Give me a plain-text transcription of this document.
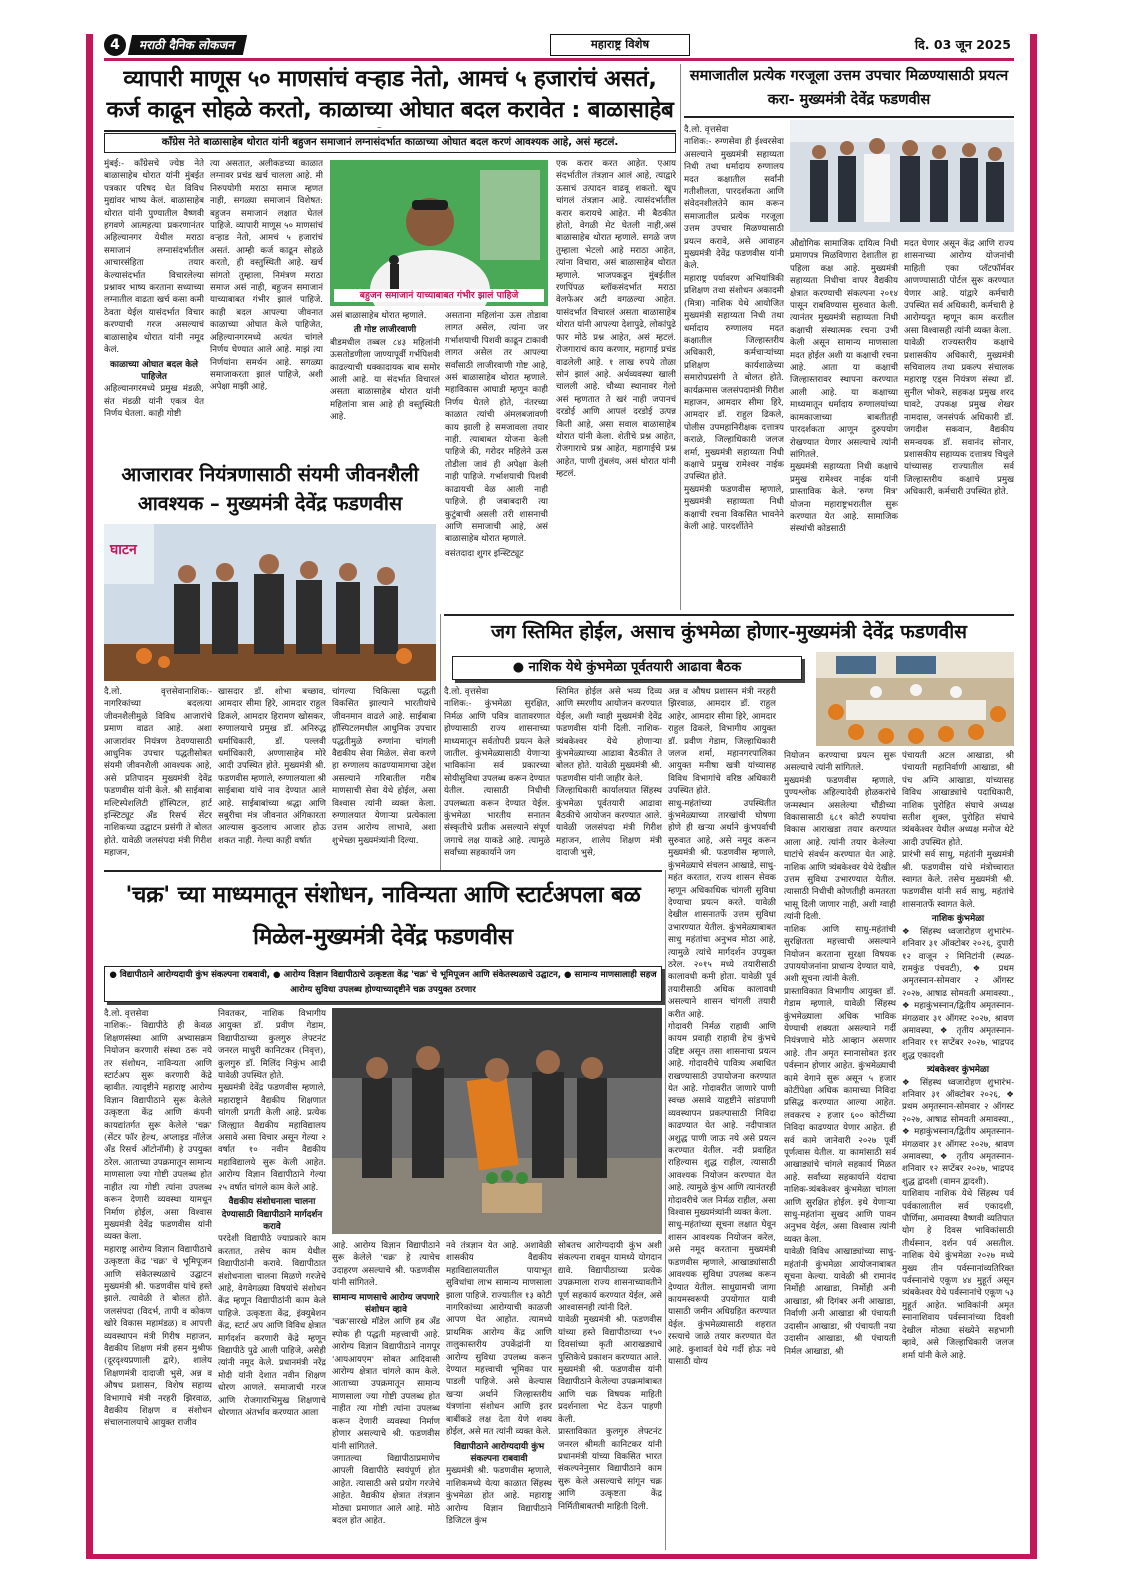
4	मराठी दैनिक लोकजन	महाराष्ट्र विशेष	दि. 03 जून 2025
व्यापारी माणूस ५० माणसांचं वऱ्हाड नेतो, आमचं ५ हजारांचं असतं, कर्ज काढून सोहळे करतो, काळाच्या ओघात बदल करावेत : बाळासाहेब
काँग्रेस नेते बाळासाहेब थोरात यांनी बहुजन समाजानं लग्नासंदर्भात काळाच्या ओघात बदल करणं आवश्यक आहे, असं म्हटलं.

मुंबई:- काँग्रेसचे ज्येष्ठ नेते बाळासाहेब थोरात यांनी मुंबईत पत्रकार परिषद घेत विविध मुद्यांवर भाष्य केलं. बाळासाहेब थोरात यांनी पुण्यातील वैष्णवी हगवणे आत्महत्या प्रकरणानंतर अहिल्यानगर येथील मराठा समाजानं लग्नासंदर्भातील आचारसंहिता तयार केल्यासंदर्भात विचारलेल्या प्रश्नावर भाष्य करताना सध्याच्या लग्नातील वाढता खर्च कसा कमी ठेवता येईल यासंदर्भात विचार करण्याची गरज असल्याचं बाळासाहेब थोरात यांनी नमूद केलं.

काळाच्या ओघात बदल केले पाहिजेत

अहिल्यानगरमध्ये प्रमुख मंडळी, संत मंडळी यांनी एकत्र येत निर्णय घेतला. काही गोष्टी

त्या असतात, अलीकडच्या काळात लग्नावर प्रचंड खर्च चालला आहे. मी निरुपयोगी मराठा समाज म्हणत नाही, सगळ्या समाजानं विशेषत: बहुजन समाजानं लक्षात घेतलं पाहिजे. व्यापारी माणूस ५० माणसांचं वऱ्हाड नेतो, आमचं ५ हजारांचं असतं. आम्ही कर्ज काढून सोहळे करतो, ही वस्तुस्थिती आहे. खर्च सांगतो तुम्हाला, निमंत्रण मराठा समाज असं नाही, बहुजन समाजानं याच्याबाबत गंभीर झालं पाहिजे. काही बदल आपल्या जीवनात काळाच्या ओघात केले पाहिजेत, अहिल्यानगरमध्ये अत्यंत चांगले निर्णय घेण्यात आले आहे. माझं त्या निर्णयांना समर्थन आहे. सगळ्या समाजाकरता झालं पाहिजे, अशी अपेक्षा माझी आहे,

बहुजन समाजानं याच्याबाबत गंभीर झालं पाहिजे

असं बाळासाहेब थोरात म्हणाले.

ती गोष्ट लाजीरवाणी

बीडमधील तब्बल ८४३ महिलांनी ऊसतोडणीला जाण्यापूर्वी गर्भपिशवी काढल्याची धक्कादायक बाब समोर आली आहे. या संदर्भात विचारलं असता बाळासाहेब थोरात यांनी महिलांना त्रास आहे ही वस्तुस्थिती आहे.

असताना महिलांना ऊस तोडावा लागत असेल, त्यांना जर गर्भाशयाची पिशवी काढून टाकावी लागत असेल तर आपल्या सर्वांसाठी लाजीरवाणी गोष्ट आहे, असं बाळासाहेब थोरात म्हणाले. महाविकास आघाडी म्हणून काही निर्णय घेतले होते, नंतरच्या काळात त्यांची अंमलबजावणी काय झाली हे समजावला तयार नाही. त्याबाबत योजना केली पाहिजे की, गरोदर महिलेने ऊस तोडीला जावं ही अपेक्षा केली नाही पाहिजे. गर्भाशयाची पिशवी काढायची वेळ आली नाही पाहिजे. ही जबाबदारी त्या कुटुंबाची असली तरी शासनाची आणि समाजाची आहे, असं बाळासाहेब थोरात म्हणाले.

वसंतदादा शुगर इन्स्टिट्यूट

एक करार करत आहेत. एआय संदर्भातील तंत्रज्ञान आलं आहे, त्याद्वारे ऊसाचं उत्पादन वाढवू शकतो. खूप चांगलं तंत्रज्ञान आहे. त्यासंदर्भातील करार करायचे आहेत. मी बैठकीत होतो, वेगळी मेट घेतली नाही,असं बाळासाहेब थोरात म्हणाले. सगळे जण तुम्हाला भेटलो आहे मराठा आहेत, त्यांना विचारा, असं बाळासाहेब थोरात म्हणाले. भाजपकडून मुंबईतील रणपिंपळ ब्लॉकसंदर्भात मराठा वेलफेअर अटी वगळल्या आहेत. यासंदर्भात विचारलं असता बाळासाहेब थोरात यांनी आपल्या देशापुढे, लोकांपुढे फार मोठे प्रश्न आहेत, असं म्हटलं. रोजगाराचं काय करणार, महागाई प्रचंड वाढलेली आहे. १ लाख रुपये तोळा सोनं झालं आहे. अर्थव्यवस्था खाली चालली आहे. चौथ्या स्थानावर गेलो असं म्हणतात ते खरं नाही जपानचं दरडोई आणि आपलं दरडोई उत्पन्न किती आहे, असा सवाल बाळासाहेब थोरात यांनी केला. शेतीचे प्रश्न आहेत, रोजगाराचे प्रश्न आहेत, महागाईचे प्रश्न आहेत, पाणी तुंबलंय, असं थोरात यांनी म्हटलं.

आजारावर नियंत्रणासाठी संयमी जीवनशैली आवश्यक – मुख्यमंत्री देवेंद्र फडणवीस
घाटन

दै.लो. वृत्तसेवानाशिक:- नागरिकांच्या बदलत्या जीवनशैलीमुळे विविध आजारांचे प्रमाण वाढत आहे. अशा आजारांवर नियंत्रण ठेवण्यासाठी आधुनिक उपचार पद्धतीसोबत संयमी जीवनशैली आवश्यक आहे, असे प्रतिपादन मुख्यमंत्री देवेंद्र फडणवीस यांनी केले. श्री साईबाबा मल्टिस्पेशलिटी हॉस्पिटल, हार्ट इन्स्टिट्यूट अँड रिसर्च सेंटर नाशिकच्या उद्घाटन प्रसंगी ते बोलत होते. यावेळी जलसंपदा मंत्री गिरीश महाजन,

खासदार डॉ. शोभा बच्छाव, आमदार सीमा हिरे, आमदार राहुल ढिकले, आमदार हिरामण खोसकर, रुग्णालयाचे प्रमुख डॉ. अनिरुद्ध धर्माधिकारी, डॉ. पल्लवी धर्माधिकारी, अण्णासाहेब मोरे आदी उपस्थित होते. मुख्यमंत्री श्री. फडणवीस म्हणाले, रुग्णालयाला श्री साईबाबा यांचे नाव देण्यात आले आहे. साईबाबांच्या श्रद्धा आणि सबुरीचा मंत्र जीवनात अंगिकारता आल्यास कुठलाच आजार होऊ शकत नाही. गेल्या काही वर्षात

चांगल्या चिकित्सा पद्धती विकसित झाल्याने भारतीयांचे जीवनमान वाढले आहे. साईबाबा हॉस्पिटलमधील आधुनिक उपचार पद्धतीमुळे रुग्णांना चांगली वैद्यकीय सेवा मिळेल. सेवा करणे हा रुग्णालय काढण्यामागचा उद्देश असल्याने गरिबातील गरीब माणसाची सेवा येथे होईल, असा विश्वास त्यांनी व्यक्त केला. रुग्णालयात येणाऱ्या प्रत्येकाला उत्तम आरोग्य लाभावे, अशा शुभेच्छा मुख्यमंत्र्यांनी दिल्या.

समाजातील प्रत्येक गरजूला उत्तम उपचार मिळण्यासाठी प्रयत्न करा- मुख्यमंत्री देवेंद्र फडणवीस

दै.लो. वृत्तसेवा
नाशिक:- रुग्णसेवा ही ईश्वरसेवा असल्याने मुख्यमंत्री सहाय्यता निधी तथा धर्मादाय रुग्णालय मदत कक्षातील सर्वांनी गतीशीलता, पारदर्शकता आणि संवेदनशीलतेने काम करून समाजातील प्रत्येक गरजूला उत्तम उपचार मिळण्यासाठी प्रयत्न करावे, असे आवाहन मुख्यमंत्री देवेंद्र फडणवीस यांनी केले.
महाराष्ट्र पर्यावरण अभियांत्रिकी प्रशिक्षण तथा संशोधन अकादमी (मित्रा) नाशिक येथे आयोजित मुख्यमंत्री सहाय्यता निधी तथा धर्मादाय रुग्णालय मदत कक्षातील जिल्हास्तरीय अधिकारी, कर्मचाऱ्यांच्या प्रशिक्षण कार्यशाळेच्या समारोपप्रसंगी ते बोलत होते. कार्यक्रमास जलसंपदामंत्री गिरीश महाजन, आमदार सीमा हिरे, आमदार डॉ. राहुल ढिकले, पोलीस उपमहानिरीक्षक दत्तात्रय कराळे, जिल्हाधिकारी जलज शर्मा, मुख्यमंत्री सहाय्यता निधी कक्षाचे प्रमुख रामेश्वर नाईक उपस्थित होते.
मुख्यमंत्री फडणवीस म्हणाले, मुख्यमंत्री सहाय्यता निधी कक्षाची रचना विकसित भावनेने केली आहे. पारदर्शीतेने

औद्योगिक सामाजिक दायित्व निधी प्रमाणपत्र मिळविणारा देशातील हा पहिला कक्ष आहे. मुख्यमंत्री सहाय्यता निधीचा वापर वैद्यकीय क्षेत्रात करण्याची संकल्पना २०१४ पासून राबविण्यास सुरुवात केली. त्यानंतर मुख्यमंत्री सहाय्यता निधी कक्षाची संस्थात्मक रचना उभी केली असून सामान्य माणसाला मदत होईल अशी या कक्षाची रचना आहे. आता या कक्षाची जिल्हास्तरावर स्थापना करण्यात आली आहे. या कक्षाच्या माध्यमातून धर्मादाय रुग्णालयांच्या कामकाजाच्या बाबतीतही पारदर्शकता आणून दुरुपयोग रोखण्यात येणार असल्याचे त्यांनी सांगितले.
मुख्यमंत्री सहाय्यता निधी कक्षाचे प्रमुख रामेश्वर नाईक यांनी प्रास्ताविक केले. 'रुग्ण मित्र' योजना महाराष्ट्रभरातील सुरू करण्यात येत आहे. सामाजिक संस्थांची कोडसाठी

मदत घेणार असून केंद्र आणि राज्य शासनाच्या आरोग्य योजनांची माहिती एका प्लॅटफॉर्मवर आणण्यासाठी पोर्टल सुरू करण्यात येणार आहे. यांद्वारे कर्मचारी उपस्थित सर्व अधिकारी, कर्मचारी हे आरोग्यदूत म्हणून काम करतील असा विश्वासही त्यांनी व्यक्त केला.
यावेळी राज्यस्तरीय कक्षाचे प्रशासकीय अधिकारी, मुख्यमंत्री सचिवालय तथा प्रकल्प संचालक महाराष्ट्र एड्स नियंत्रण संस्था डॉ. सुनील भोकरे, सहकक्ष प्रमुख शरद घावटे, उपकक्ष प्रमुख शेखर नामदास, जनसंपर्क अधिकारी डॉ. जगदीश सकवान, वैद्यकीय समन्वयक डॉ. सवानंद सोनार, प्रशासकीय सहाय्यक दत्तात्रय चिथुले यांच्यासह राज्यातील सर्व जिल्हास्तरीय कक्षाचे प्रमुख अधिकारी, कर्मचारी उपस्थित होते.

जग स्तिमित होईल, असाच कुंभमेळा होणार-मुख्यमंत्री देवेंद्र फडणवीस
● नाशिक येथे कुंभमेळा पूर्वतयारी आढावा बैठक

दै.लो. वृत्तसेवा
नाशिक:- कुंभमेळा सुरक्षित, निर्मळ आणि पवित्र वातावरणात होण्यासाठी राज्य शासनाच्या माध्यमातून सर्वतोपरी प्रयत्न केले जातील. कुंभमेळ्यासाठी येणाऱ्या भाविकांना सर्व प्रकारच्या सोयीसुविधा उपलब्ध करून देण्यात येतील. त्यासाठी निधीची उपलब्धता करून देण्यात येईल. कुंभमेळा भारतीय सनातन संस्कृतीचे प्रतीक असल्याने संपूर्ण जगाचे लक्ष याकडे आहे. त्यामुळे सर्वांच्या सहकार्याने जग

स्तिमित होईल असे भव्य दिव्य आणि स्मरणीय आयोजन करण्यात येईल, अशी ग्वाही मुख्यमंत्री देवेंद्र फडणवीस यांनी दिली. नाशिक-त्र्यंबकेश्वर येथे होणाऱ्या कुंभमेळ्याच्या आढावा बैठकीत ते बोलत होते. यावेळी मुख्यमंत्री श्री. फडणवीस यांनी जाहीर केले.
जिल्हाधिकारी कार्यालयात सिंहस्थ कुंभमेळा पूर्वतयारी आढावा बैठकीचे आयोजन करण्यात आले. यावेळी जलसंपदा मंत्री गिरीश महाजन, शालेय शिक्षण मंत्री दादाजी भुसे,

अन्न व औषध प्रशासन मंत्री नरहरी झिरवाळ, आमदार डॉ. राहुल आहेर, आमदार सीमा हिरे, आमदार राहुल ढिकले, विभागीय आयुक्त डॉ. प्रवीण गेडाम, जिल्हाधिकारी जलज शर्मा, महानगरपालिका आयुक्त मनीषा खत्री यांच्यासह विविध विभागांचे वरिष्ठ अधिकारी उपस्थित होते.
साधु-महंतांच्या उपस्थितीत कुंभमेळ्याच्या तारखांची घोषणा होणे ही खऱ्या अर्थाने कुंभपर्वाची सुरुवात आहे, असे नमूद करून मुख्यमंत्री श्री. फडणवीस म्हणाले, कुंभमेळ्याचे संचलन आखाडे, साधु-महंत करतात, राज्य शासन सेवक म्हणून अधिकाधिक चांगली सुविधा देण्याचा प्रयत्न करते. यावेळी देखील शासनातर्फे उत्तम सुविधा उभारण्यात येतील. कुंभमेळ्याबाबत साधु महंतांचा अनुभव मोठा आहे, त्यामुळे त्यांचे मार्गदर्शन उपयुक्त ठरेल. २०१५ मध्ये तयारीसाठी कालावधी कमी होता. यावेळी पूर्व तयारीसाठी अधिक कालावधी असल्याने शासन चांगली तयारी करीत आहे.
गोदावरी निर्मळ राहावी आणि कायम प्रवाही राहावी हेच कुंभचे उद्दिष्ट असून तसा शासनाचा प्रयत्न आहे. गोदावरीचे पावित्र्य अबाधित राखण्यासाठी उपायोजना करण्यात येत आहे. गोदावरीत जाणारे पाणी स्वच्छ असावे याहृष्टीने सांडपाणी व्यवस्थापन प्रकल्पासाठी निविदा काढण्यात येत आहे. नदीपात्रात अशुद्ध पाणी जाऊ नये असे प्रयत्न करण्यात येतील. नदी प्रवाहित राहिल्यास शुद्ध राहील, त्यासाठी आवश्यक नियोजन करण्यात येत आहे. त्यामुळे कुंभ आणि त्यानंतरही गोदावरीचे जल निर्मळ राहील, असा विश्वास मुख्यमंत्र्यांनी व्यक्त केला.
साधु-महंतांच्या सूचना लक्षात घेवून शासन आवश्यक नियोजन करेल, असे नमूद करताना मुख्यमंत्री फडणवीस म्हणाले, आखाड्यांसाठी आवश्यक सुविधा उपलब्ध करून देण्यात येतील. साधुग्रामची जागा कायमस्वरूपी उपयोगात यावी यासाठी जमीन अधिग्रहित करण्यात येईल. कुंभमेळ्यासाठी शहरात रस्त्याचे जाळे तयार करण्यात येत आहे. कुशावर्त येथे गर्दी होऊ नये यासाठी योग्य

नियोजन करण्याचा प्रयत्न सुरू असल्याचे त्यांनी सांगितले.
मुख्यमंत्री फडणवीस म्हणाले, पुण्यश्लोक अहिल्यादेवी होळकरांचे जन्मस्थान असलेल्या चौंडीच्या विकासासाठी ६८१ कोटी रुपयांचा विकास आराखडा तयार करण्यात आला आहे. त्यांनी तयार केलेल्या घाटांचे संवर्धन करण्यात येत आहे. नाशिक आणि त्र्यंबकेश्वर येथे देखील उत्तम सुविधा उभारण्यात येतील. त्यासाठी निधीची कोणतीही कमतरता भासू दिली जाणार नाही, अशी ग्वाही त्यांनी दिली.
नाशिक आणि साधु-महंतांची सुरक्षितता महत्त्वाची असल्याने नियोजन करताना सुरक्षा विषयक उपाययोजनांना प्राधान्य देण्यात यावे, अशी सूचना त्यांनी केली.
प्रास्ताविकात विभागीय आयुक्त डॉ. गेडाम म्हणाले, यावेळी सिंहस्थ कुंभमेळ्याला अधिक भाविक येण्याची शक्यता असल्याने गर्दी नियंत्रणाचे मोठे आव्हान असणार आहे. तीन अमृत स्नानासोबत इतर पर्वस्नान होणार आहेत. कुंभमेळ्याची कामे वेगाने सुरू असून ५ हजार कोटींपेक्षा अधिक कामाच्या निविदा प्रसिद्ध करण्यात आल्या आहेत. लवकरच २ हजार ६०० कोटींच्या निविदा काढण्यात येणार आहेत. ही सर्व कामे जानेवारी २०२७ पूर्वी पूर्णत्वास येतील. या कामांसाठी सर्व आखाड्यांचे चांगले सहकार्य मिळत आहे. सर्वांच्या सहकार्याने यंदाचा नाशिक-त्र्यंबकेश्वर कुंभमेळा चांगला आणि सुरक्षित होईल. इथे येणाऱ्या साधु-महंतांना सुखद आणि पावन अनुभव येईल, असा विश्वास त्यांनी व्यक्त केला.
यावेळी विविध आखाड्यांच्या साधु-महंतांनी कुंभमेळा आयोजनाबाबत सूचना केल्या. यावेळी श्री रामानंद निर्मोही आखाडा, निर्मोही अनी आखाडा, श्री दिगंबर अनी आखाडा, निर्वाणी अनी आखाडा श्री पंचायती उदासीन आखाडा, श्री पंचायती नया उदासीन आखाडा, श्री पंचायती निर्मल आखाडा, श्री

पंचायती अटल आखाडा, श्री पंचायती महानिर्वाणी आखाडा, श्री पंच अग्नि आखाडा, यांच्यासह विविध आखाड्यांचे पदाधिकारी, नाशिक पुरोहित संघाचे अध्यक्ष सतीश शुक्ल, पुरोहित संघाचे त्र्यंबकेश्वर येथील अध्यक्ष मनोज थेटे आदी उपस्थित होते.
प्रारंभी सर्व साधु, महंतांनी मुख्यमंत्री श्री. फडणवीस यांचे मंत्रोच्चारात स्वागत केले. तसेच मुख्यमंत्री श्री. फडणवीस यांनी सर्व साधु, महंतांचे शासनातर्फे स्वागत केले.

नाशिक कुंभमेळा

❖ सिंहस्थ ध्वजारोहण शुभारंभ-शनिवार ३१ ऑक्टोबर २०२६, दुपारी १२ वाजून २ मिनिटांनी (स्थळ-रामकुंड पंचवटी), ❖ प्रथम अमृतस्नान-सोमवार २ ऑगस्ट २०२७, आषाढ सोमवती अमावस्या., ❖ महाकुंभस्नान/द्वितीय अमृतस्नान-मंगळवार ३१ ऑगस्ट २०२७, श्रावण अमावस्या, ❖ तृतीय अमृतस्नान-शनिवार ११ सप्टेंबर २०२७, भाद्रपद शुद्ध एकादशी

त्र्यंबकेश्वर कुंभमेळा

❖ सिंहस्थ ध्वजारोहण शुभारंभ- शनिवार ३१ ऑक्टोबर २०२६, ❖ प्रथम अमृतस्नान-सोमवार २ ऑगस्ट २०२७, आषाढ सोमवती अमावस्या., ❖ महाकुंभस्नान/द्वितीय अमृतस्नान-मंगळवार ३१ ऑगस्ट २०२७, श्रावण अमावस्या, ❖ तृतीय अमृतस्नान-शनिवार १२ सप्टेंबर २०२७, भाद्रपद शुद्ध द्वादशी (वामन द्वादशी).
याशिवाय नाशिक येथे सिंहस्थ पर्व पर्वकालातील सर्व एकादशी, पौर्णिमा, अमावस्या वैष्णवी व्यतिपात योग हे दिवस भाविकांसाठी तीर्थस्नान, दर्शन पर्व असतील. नाशिक येथे कुंभमेळा २०२७ मध्ये मुख्य तीन पर्वस्नानांव्यतिरिक्त पर्वस्नानांचे एकूण ४४ मुहूर्त असून त्र्यंबकेश्वर येथे पर्वस्नानांचे एकूण ५३ मुहूर्त आहेत. भाविकांनी अमृत स्नानाशिवाय पर्वस्नानांच्या दिवशी देखील मोठ्या संख्येने सहभागी व्हावे, असे जिल्हाधिकारी जलज शर्मा यांनी केले आहे.

'चक्र' च्या माध्यमातून संशोधन, नाविन्यता आणि स्टार्टअपला बळ मिळेल-मुख्यमंत्री देवेंद्र फडणवीस
● विद्यापीठाने आरोग्यदायी कुंभ संकल्पना राबवावी, ● आरोग्य विज्ञान विद्यापीठाचे उत्कृष्टता केंद्र 'चक्र' चे भूमिपूजन आणि संकेतस्थळाचे उद्घाटन, ● सामान्य माणसालाही सहज आरोग्य सुविधा उपलब्ध होण्याच्यादृष्टीने चक्र उपयुक्त ठरणार

दै.लो. वृत्तसेवा
नाशिक:- विद्यापीठे ही केवळ शिक्षणसंस्था आणि अभ्यासक्रम नियोजन करणारी संस्था ठरू नये तर संशोधन, नाविन्यता आणि स्टार्टअप सुरू करणारी केंद्रे व्हावीत. त्यादृष्टीने महाराष्ट्र आरोग्य विज्ञान विद्यापीठाने सुरू केलेले उत्कृष्टता केंद्र आणि कंपनी कायद्यांतर्गत सुरू केलेले 'चक्र' (सेंटर फॉर हेल्थ, अप्लाइड नॉलेज अँड रिसर्च ऑटोनॉमी) हे उपयुक्त ठरेल. आताच्या उपक्रमातून सामान्य माणसाला ज्या गोष्टी उपलब्ध होत नाहीत त्या गोष्टी त्यांना उपलब्ध करून देणारी व्यवस्था यामधून निर्माण होईल, असा विश्वास मुख्यमंत्री देवेंद्र फडणवीस यांनी व्यक्त केला.
महाराष्ट्र आरोग्य विज्ञान विद्यापीठाचे उत्कृष्टता केंद्र 'चक्र' चे भूमिपूजन आणि संकेतस्थळाचे उद्घाटन मुख्यमंत्री श्री. फडणवीस यांचे हस्ते झाले. त्यावेळी ते बोलत होते. जलसंपदा (विदर्भ, तापी व कोकण खोरे विकास महामंडळ) व आपत्ती व्यवस्थापन मंत्री गिरीष महाजन, वैद्यकीय शिक्षण मंत्री हसन मुश्रीफ (दूरदृश्यप्रणाली द्वारे), शालेय शिक्षणमंत्री दादाजी भुसे, अन्न व औषध प्रशासन, विशेष सहाय्य विभागाचे मंत्री नरहरी झिरवाळ, वैद्यकीय शिक्षण व संशोधन संचालनालयाचे आयुक्त राजीव

निवतकर, नाशिक विभागीय आयुक्त डॉ. प्रवीण गेडाम, विद्यापीठाच्या कुलगुरु लेफ्टनंट जनरल माधुरी कानिटकर (निवृत्त), कुलगुरु डॉ. मिलिंद निकुंभ आदी यावेळी उपस्थित होते.
मुख्यमंत्री देवेंद्र फडणवीस म्हणाले, महाराष्ट्राने वैद्यकीय शिक्षणात चांगली प्रगती केली आहे. प्रत्येक जिल्ह्यात वैद्यकीय महाविद्यालय असावे असा विचार असून गेल्या २ वर्षात १० नवीन वैद्यकीय महाविद्यालये सुरू केली आहेत. आरोग्य विज्ञान विद्यापीठाने गेल्या २५ वर्षात चांगले काम केले आहे.

वैद्यकीय संशोधनाला चालना देण्यासाठी विद्यापीठाने मार्गदर्शन करावे

परदेशी विद्यापीठे ज्याप्रकारे काम करतात, तसेच काम येथील विद्यापीठांनी करावे. विद्यापीठात संशोधनाला चालना मिळणे गरजेचे आहे, वेगवेगळ्या विषयांचे संशोधन केंद्र म्हणून विद्यापीठांनी काम केले पाहिजे. उत्कृष्टता केंद्र, इंक्युबेशन केंद्र, स्टार्ट अप आणि विविध क्षेत्रात मार्गदर्शन करणारी केंद्रे म्हणून विद्यापीठे पुढे आली पाहिजे, असेही त्यांनी नमूद केले. प्रधानमंत्री नरेंद्र मोदी यांनी देशात नवीन शिक्षण धोरण आणले. समाजाची गरज आणि रोजगाराभिमुख शिक्षणाचे धोरणात अंतर्भाव करण्यात आला

आहे. आरोग्य विज्ञान विद्यापीठाने सुरू केलेले 'चक्र' हे त्याचेच उदाहरण असल्याचे श्री. फडणवीस यांनी सांगितले.

सामान्य माणसाचे आरोग्य जपणारे संशोधन व्हावे

'चक्र'सारखे मॉडेल आणि हब अँड स्पोक ही पद्धती महत्त्वाची आहे. आरोग्य विज्ञान विद्यापीठाने नागपूर 'आयआयएम' सोबत आदिवासी आरोग्य क्षेत्रात चांगले काम केले. आताच्या उपक्रमातून सामान्य माणसाला ज्या गोष्टी उपलब्ध होत नाहीत त्या गोष्टी त्यांना उपलब्ध करून देणारी व्यवस्था निर्माण होणार असल्याचे श्री. फडणवीस यांनी सांगितले.
जगातल्या विद्यापीठाप्रमाणेच आपली विद्यापीठे स्वयंपूर्ण होत आहेत. त्यासाठी असे प्रयोग गरजेचे आहेत. वैद्यकीय क्षेत्रात तंत्रज्ञान मोठ्या प्रमाणात आले आहे. मोठे बदल होत आहेत.

नवे तंत्रज्ञान येत आहे. अशावेळी शासकीय वैद्यकीय महाविद्यालयातील पायाभूत सुविधांचा लाभ सामान्य माणसाला झाला पाहिजे. राज्यातील १३ कोटी नागरिकांच्या आरोग्याची काळजी आपण घेत आहोत. त्यामध्ये प्राथमिक आरोग्य केंद्र आणि तालुकास्तरीय उपकेंद्रांनी या आरोग्य सुविधा उपलब्ध करून देण्यात महत्त्वाची भूमिका पार पाडली पाहिजे. असे केल्यास खऱ्या अर्थाने जिल्हास्तरीय यंत्रणांना संशोधन आणि इतर बाबींकडे लक्ष देता येणे शक्य होईल, असे मत त्यांनी व्यक्त केले.

विद्यापीठाने आरोग्यदायी कुंभ संकल्पना राबवावी

मुख्यमंत्री श्री. फडणवीस म्हणाले, नाशिकमध्ये येत्या काळात सिंहस्थ कुंभमेळा होत आहे. महाराष्ट्र आरोग्य विज्ञान विद्यापीठाने डिजिटल कुंभ

सोबतच आरोग्यदायी कुंभ अशी संकल्पना राबवून यामध्ये योगदान द्यावे. विद्यापीठाच्या प्रत्येक उपक्रमाला राज्य शासनाच्यावतीने पूर्ण सहकार्य करण्यात येईल, असे आश्वासनही त्यांनी दिले.
यावेळी मुख्यमंत्री श्री. फडणवीस यांच्या हस्ते विद्यापीठाच्या १५० दिवसांच्या कृती आराखड्याचे पुस्तिकेचे प्रकाशन करण्यात आले.
मुख्यमंत्री श्री. फडणवीस यांनी विद्यापीठाने केलेल्या उपक्रमांबाबत आणि चक्र विषयक माहिती प्रदर्शनाला भेट देऊन पाहणी केली.
प्रास्ताविकात कुलगुरु लेफ्टनंट जनरल श्रीमती कानिटकर यांनी प्रधानमंत्री यांच्या विकसित भारत संकल्पनेनुसार विद्यापीठाने काम सुरू केले असल्याचे सांगून चक्र आणि उत्कृष्टता केंद्र निर्मितीबाबतची माहिती दिली.
